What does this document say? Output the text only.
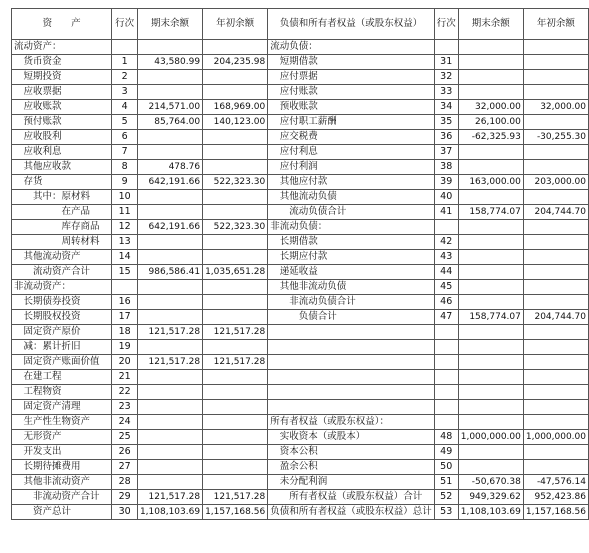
资　　产	行次	期末余额	年初余额	负债和所有者权益（或股东权益）	行次	期末余额	年初余额
流动资产：				流动负债：			
　货币资金	1	43,580.99	204,235.98	　短期借款	31		
　短期投资	2			　应付票据	32		
　应收票据	3			　应付账款	33		
　应收账款	4	214,571.00	168,969.00	　预收账款	34	32,000.00	32,000.00
　预付账款	5	85,764.00	140,123.00	　应付职工薪酬	35	26,100.00	
　应收股利	6			　应交税费	36	-62,325.93	-30,255.30
　应收利息	7			　应付利息	37		
　其他应收款	8	478.76		　应付利润	38		
　存货	9	642,191.66	522,323.30	　其他应付款	39	163,000.00	203,000.00
　　其中：原材料	10			　其他流动负债	40		
　　　　　在产品	11			　　流动负债合计	41	158,774.07	204,744.70
　　　　　库存商品	12	642,191.66	522,323.30	非流动负债：			
　　　　　周转材料	13			　长期借款	42		
　其他流动资产	14			　长期应付款	43		
　　流动资产合计	15	986,586.41	1,035,651.28	　递延收益	44		
非流动资产：				　其他非流动负债	45		
　长期债券投资	16			　　非流动负债合计	46		
　长期股权投资	17			　　　负债合计	47	158,774.07	204,744.70
　固定资产原价	18	121,517.28	121,517.28				
　减：累计折旧	19						
　固定资产账面价值	20	121,517.28	121,517.28				
　在建工程	21						
　工程物资	22						
　固定资产清理	23						
　生产性生物资产	24			所有者权益（或股东权益）：			
　无形资产	25			　实收资本（或股本）	48	1,000,000.00	1,000,000.00
　开发支出	26			　资本公积	49		
　长期待摊费用	27			　盈余公积	50		
　其他非流动资产	28			　未分配利润	51	-50,670.38	-47,576.14
　　非流动资产合计	29	121,517.28	121,517.28	　　所有者权益（或股东权益）合计	52	949,329.62	952,423.86
　　资产总计	30	1,108,103.69	1,157,168.56	负债和所有者权益（或股东权益）总计	53	1,108,103.69	1,157,168.56
